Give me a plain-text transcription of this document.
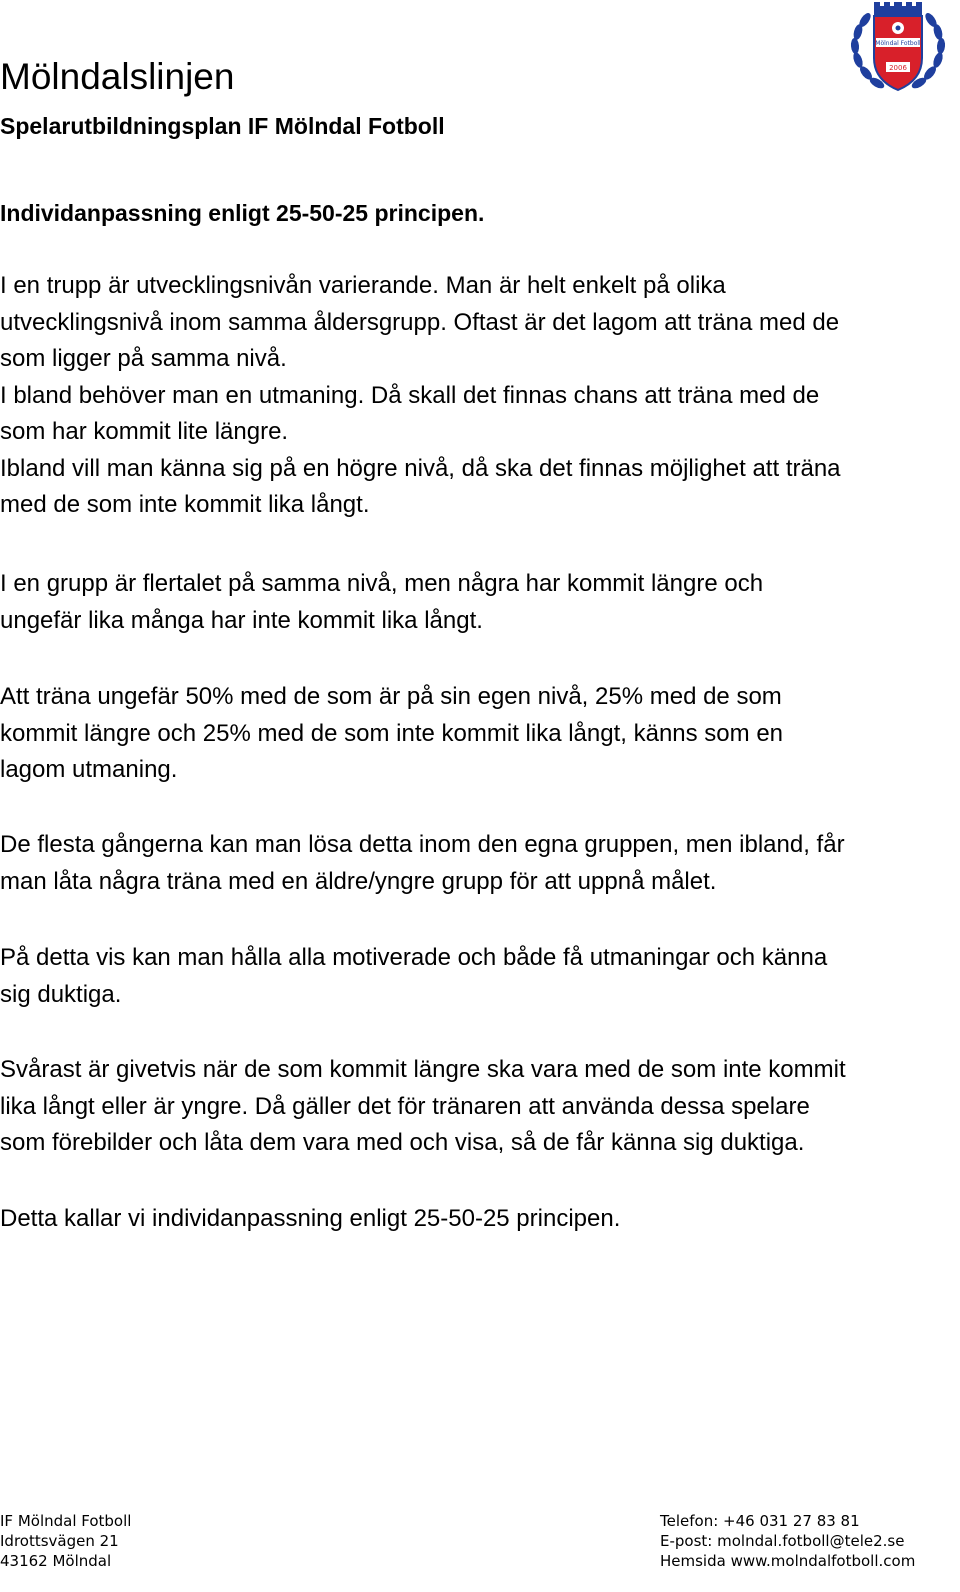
Mölndal Fotboll
2006
Mölndalslinjen
Spelarutbildningsplan IF Mölndal Fotboll
Individanpassning enligt 25-50-25 principen.

I en trupp är utvecklingsnivån varierande. Man är helt enkelt på olika
utvecklingsnivå inom samma åldersgrupp. Oftast är det lagom att träna med de
som ligger på samma nivå.
I bland behöver man en utmaning. Då skall det finnas chans att träna med de
som har kommit lite längre.
Ibland vill man känna sig på en högre nivå, då ska det finnas möjlighet att träna
med de som inte kommit lika långt.

I en grupp är flertalet på samma nivå, men några har kommit längre och
ungefär lika många har inte kommit lika långt.

Att träna ungefär 50% med de som är på sin egen nivå, 25% med de som
kommit längre och 25% med de som inte kommit lika långt, känns som en
lagom utmaning.

De flesta gångerna kan man lösa detta inom den egna gruppen, men ibland, får
man låta några träna med en äldre/yngre grupp för att uppnå målet.

På detta vis kan man hålla alla motiverade och både få utmaningar och känna
sig duktiga.

Svårast är givetvis när de som kommit längre ska vara med de som inte kommit
lika långt eller är yngre. Då gäller det för tränaren att använda dessa spelare
som förebilder och låta dem vara med och visa, så de får känna sig duktiga.

Detta kallar vi individanpassning enligt 25-50-25 principen.

IF Mölndal Fotboll
Idrottsvägen 21
43162 Mölndal
Telefon: +46 031 27 83 81
E-post: molndal.fotboll@tele2.se
Hemsida www.molndalfotboll.com
